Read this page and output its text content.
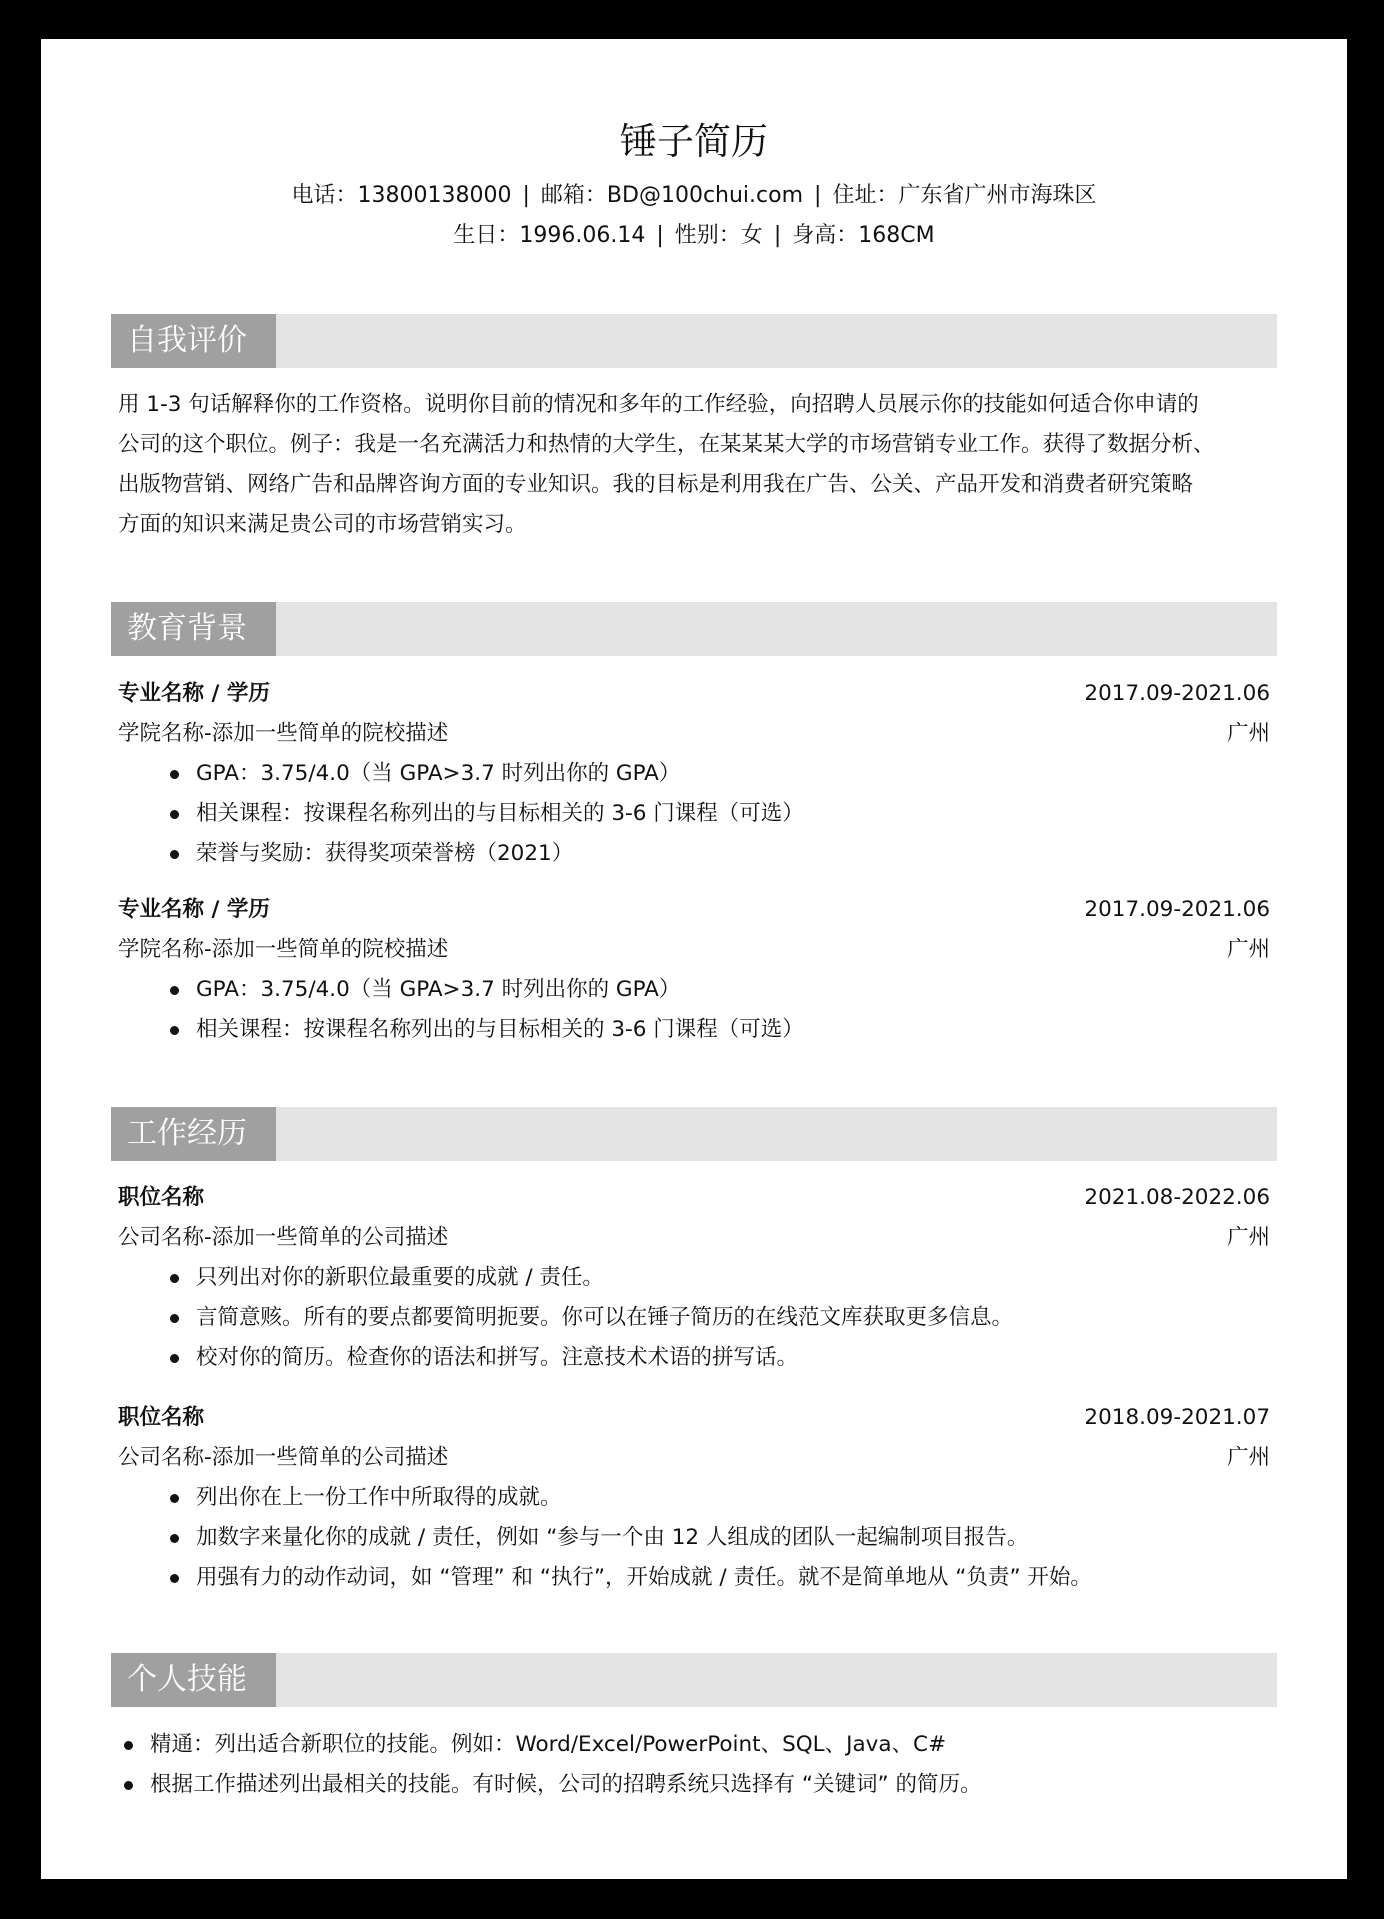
锤子简历
电话：13800138000 | 邮箱：BD@100chui.com | 住址：广东省广州市海珠区
生日：1996.06.14 | 性别：女 | 身高：168CM
自我评价
用 1-3 句话解释你的工作资格。说明你目前的情况和多年的工作经验，向招聘人员展示你的技能如何适合你申请的
公司的这个职位。例子：我是一名充满活力和热情的大学生，在某某某大学的市场营销专业工作。获得了数据分析、
出版物营销、网络广告和品牌咨询方面的专业知识。我的目标是利用我在广告、公关、产品开发和消费者研究策略
方面的知识来满足贵公司的市场营销实习。
教育背景
专业名称 / 学历	2017.09-2021.06
学院名称-添加一些简单的院校描述	广州
GPA：3.75/4.0（当 GPA>3.7 时列出你的 GPA）
相关课程：按课程名称列出的与目标相关的 3-6 门课程（可选）
荣誉与奖励：获得奖项荣誉榜（2021）
专业名称 / 学历	2017.09-2021.06
学院名称-添加一些简单的院校描述	广州
GPA：3.75/4.0（当 GPA>3.7 时列出你的 GPA）
相关课程：按课程名称列出的与目标相关的 3-6 门课程（可选）
工作经历
职位名称	2021.08-2022.06
公司名称-添加一些简单的公司描述	广州
只列出对你的新职位最重要的成就 / 责任。
言简意赅。所有的要点都要简明扼要。你可以在锤子简历的在线范文库获取更多信息。
校对你的简历。检查你的语法和拼写。注意技术术语的拼写话。
职位名称	2018.09-2021.07
公司名称-添加一些简单的公司描述	广州
列出你在上一份工作中所取得的成就。
加数字来量化你的成就 / 责任，例如 “参与一个由 12 人组成的团队一起编制项目报告。
用强有力的动作动词，如 “管理” 和 “执行”，开始成就 / 责任。就不是简单地从 “负责” 开始。
个人技能
精通：列出适合新职位的技能。例如：Word/Excel/PowerPoint、SQL、Java、C#
根据工作描述列出最相关的技能。有时候，公司的招聘系统只选择有 “关键词” 的简历。
